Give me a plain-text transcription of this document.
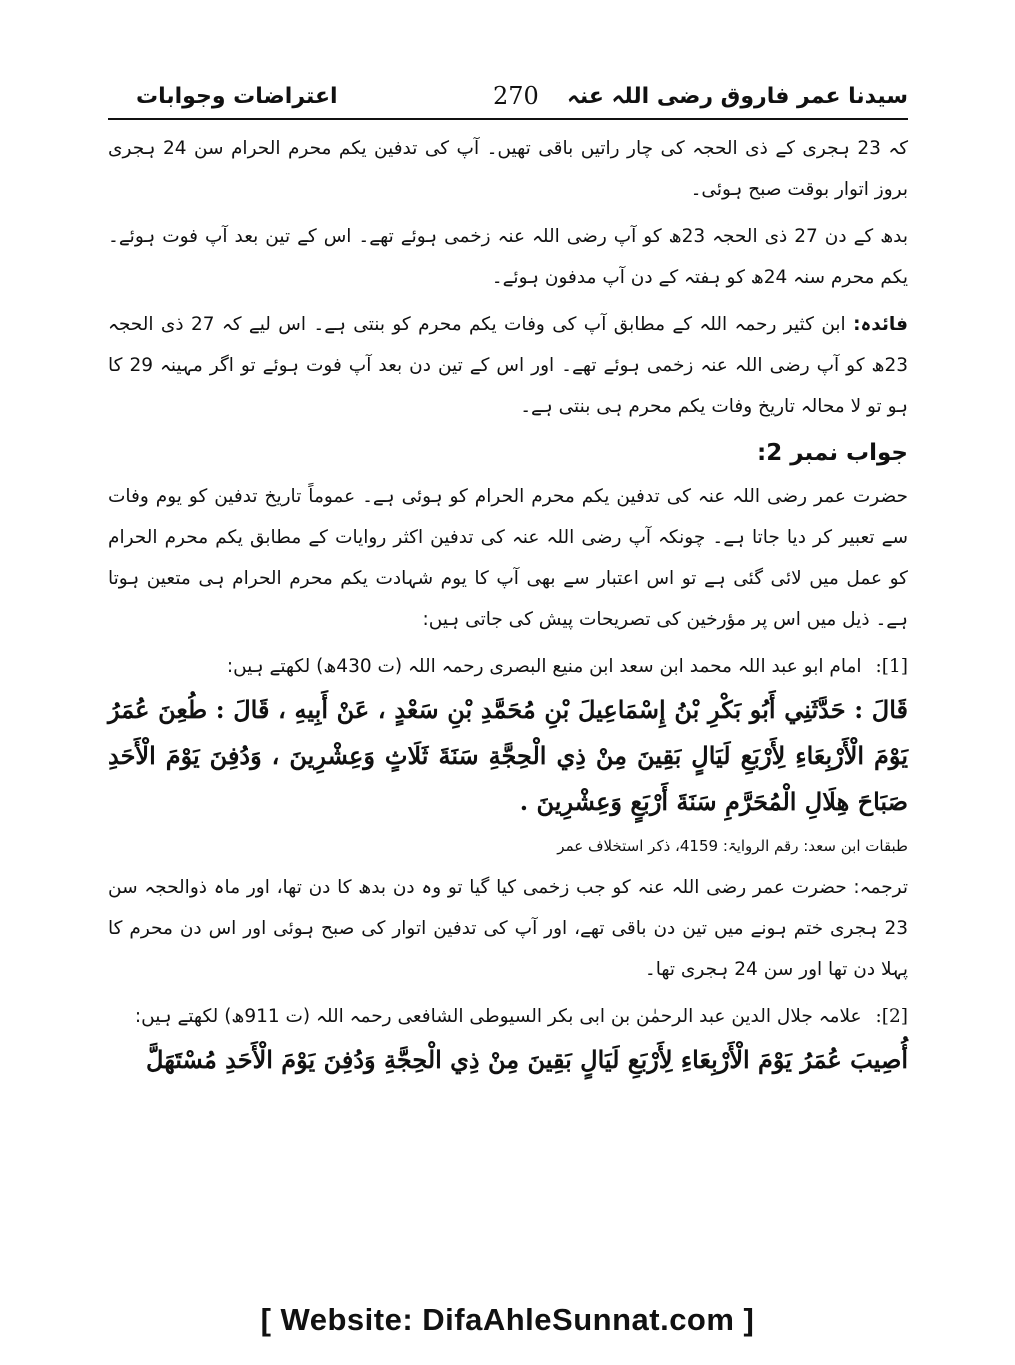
سیدنا عمر فاروق رضی اللہ عنہ
270
اعتراضات وجوابات

کہ 23 ہجری کے ذی الحجہ کی چار راتیں باقی تھیں۔ آپ کی تدفین یکم محرم الحرام سن 24 ہجری بروز اتوار بوقت صبح ہوئی۔

بدھ کے دن 27 ذی الحجہ 23ھ کو آپ رضی اللہ عنہ زخمی ہوئے تھے۔ اس کے تین بعد آپ فوت ہوئے۔ یکم محرم سنہ 24ھ کو ہفتہ کے دن آپ مدفون ہوئے۔

فائدہ: ابن کثیر رحمہ اللہ کے مطابق آپ کی وفات یکم محرم کو بنتی ہے۔ اس لیے کہ 27 ذی الحجہ 23ھ کو آپ رضی اللہ عنہ زخمی ہوئے تھے۔ اور اس کے تین دن بعد آپ فوت ہوئے تو اگر مہینہ 29 کا ہو تو لا محالہ تاریخ وفات یکم محرم ہی بنتی ہے۔

جواب نمبر 2:

حضرت عمر رضی اللہ عنہ کی تدفین یکم محرم الحرام کو ہوئی ہے۔ عموماً تاریخ تدفین کو یوم وفات سے تعبیر کر دیا جاتا ہے۔ چونکہ آپ رضی اللہ عنہ کی تدفین اکثر روایات کے مطابق یکم محرم الحرام کو عمل میں لائی گئی ہے تو اس اعتبار سے بھی آپ کا یوم شہادت یکم محرم الحرام ہی متعین ہوتا ہے۔ ذیل میں اس پر مؤرخین کی تصریحات پیش کی جاتی ہیں:

[1]:
امام ابو عبد اللہ محمد ابن سعد ابن منیع البصری رحمہ اللہ (ت 430ھ) لکھتے ہیں:

قَالَ : حَدَّثَنِي أَبُو بَكْرِ بْنُ إِسْمَاعِيلَ بْنِ مُحَمَّدِ بْنِ سَعْدٍ ، عَنْ أَبِيهِ ، قَالَ : طُعِنَ عُمَرُ يَوْمَ الْأَرْبِعَاءِ لِأَرْبَعِ لَيَالٍ بَقِينَ مِنْ ذِي الْحِجَّةِ سَنَةَ ثَلَاثٍ وَعِشْرِينَ ، وَدُفِنَ يَوْمَ الْأَحَدِ صَبَاحَ هِلَالِ الْمُحَرَّمِ سَنَةَ أَرْبَعٍ وَعِشْرِينَ .

طبقات ابن سعد: رقم الروایۃ: 4159، ذکر استخلاف عمر

ترجمہ: حضرت عمر رضی اللہ عنہ کو جب زخمی کیا گیا تو وہ دن بدھ کا دن تھا، اور ماہ ذوالحجہ سن 23 ہجری ختم ہونے میں تین دن باقی تھے، اور آپ کی تدفین اتوار کی صبح ہوئی اور اس دن محرم کا پہلا دن تھا اور سن 24 ہجری تھا۔

[2]:
علامہ جلال الدین عبد الرحمٰن بن ابی بکر السیوطی الشافعی رحمہ اللہ (ت 911ھ) لکھتے ہیں:

أُصِيبَ عُمَرُ يَوْمَ الْأَرْبِعَاءِ لِأَرْبَعِ لَيَالٍ بَقِينَ مِنْ ذِي الْحِجَّةِ وَدُفِنَ يَوْمَ الْأَحَدِ مُسْتَهَلَّ

[ Website: DifaAhleSunnat.com ]
